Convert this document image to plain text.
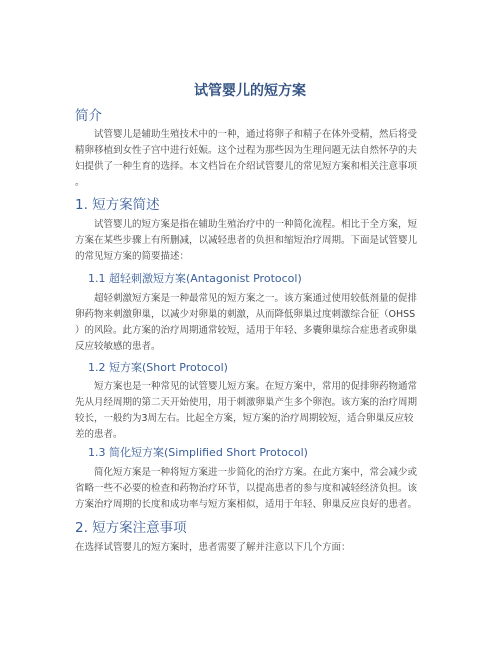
试管婴儿的短方案
简介
试管婴儿是辅助生殖技术中的一种，通过将卵子和精子在体外受精，然后将受
精卵移植到女性子宫中进行妊娠。这个过程为那些因为生理问题无法自然怀孕的夫
妇提供了一种生育的选择。本文档旨在介绍试管婴儿的常见短方案和相关注意事项
。
1. 短方案简述
试管婴儿的短方案是指在辅助生殖治疗中的一种简化流程。相比于全方案，短
方案在某些步骤上有所删减，以减轻患者的负担和缩短治疗周期。下面是试管婴儿
的常见短方案的简要描述：
1.1 超轻刺激短方案(Antagonist Protocol)
超轻刺激短方案是一种最常见的短方案之一。该方案通过使用较低剂量的促排
卵药物来刺激卵巢，以减少对卵巢的刺激，从而降低卵巢过度刺激综合征（OHSS
）的风险。此方案的治疗周期通常较短，适用于年轻、多囊卵巢综合症患者或卵巢
反应较敏感的患者。
1.2 短方案(Short Protocol)
短方案也是一种常见的试管婴儿短方案。在短方案中，常用的促排卵药物通常
先从月经周期的第二天开始使用，用于刺激卵巢产生多个卵泡。该方案的治疗周期
较长，一般约为3周左右。比起全方案，短方案的治疗周期较短，适合卵巢反应较
差的患者。
1.3 简化短方案(Simplified Short Protocol)
简化短方案是一种将短方案进一步简化的治疗方案。在此方案中，常会减少或
省略一些不必要的检查和药物治疗环节，以提高患者的参与度和减轻经济负担。该
方案治疗周期的长度和成功率与短方案相似，适用于年轻、卵巢反应良好的患者。
2. 短方案注意事项
在选择试管婴儿的短方案时，患者需要了解并注意以下几个方面：
